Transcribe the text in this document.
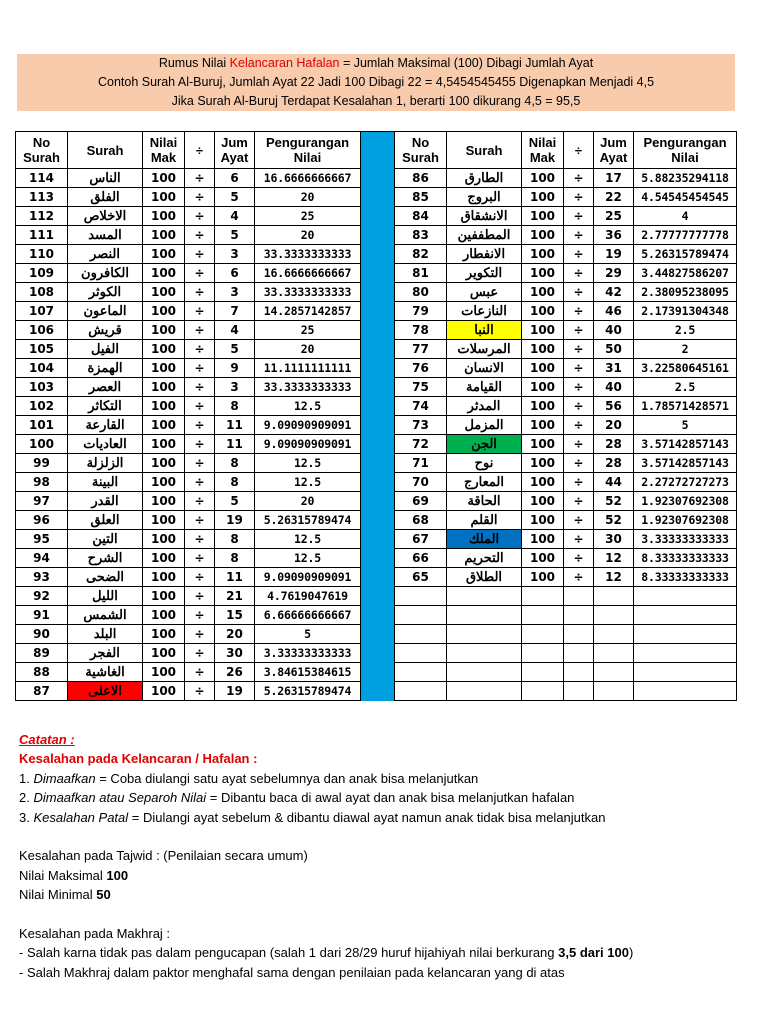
Rumus Nilai Kelancaran Hafalan = Jumlah Maksimal (100) Dibagi Jumlah Ayat
Contoh Surah Al-Buruj, Jumlah Ayat 22 Jadi 100 Dibagi 22 = 4,5454545455 Digenapkan Menjadi 4,5
Jika Surah Al-Buruj Terdapat Kesalahan 1, berarti 100 dikurang 4,5 = 95,5
No Surah	Surah	Nilai Mak	÷	Jum Ayat	Pengurangan Nilai		No Surah	Surah	Nilai Mak	÷	Jum Ayat	Pengurangan Nilai
114	الناس	100	÷	6	16.6666666667		86	الطارق	100	÷	17	5.88235294118
113	الفلق	100	÷	5	20		85	البروج	100	÷	22	4.54545454545
112	الاخلاص	100	÷	4	25		84	الانشقاق	100	÷	25	4
111	المسد	100	÷	5	20		83	المطففين	100	÷	36	2.77777777778
110	النصر	100	÷	3	33.3333333333		82	الانفطار	100	÷	19	5.26315789474
109	الكافرون	100	÷	6	16.6666666667		81	التكوير	100	÷	29	3.44827586207
108	الكوثر	100	÷	3	33.3333333333		80	عبس	100	÷	42	2.38095238095
107	الماعون	100	÷	7	14.2857142857		79	النازعات	100	÷	46	2.17391304348
106	قريش	100	÷	4	25		78	النبا	100	÷	40	2.5
105	الفيل	100	÷	5	20		77	المرسلات	100	÷	50	2
104	الهمزة	100	÷	9	11.1111111111		76	الانسان	100	÷	31	3.22580645161
103	العصر	100	÷	3	33.3333333333		75	القيامة	100	÷	40	2.5
102	التكاثر	100	÷	8	12.5		74	المدثر	100	÷	56	1.78571428571
101	القارعة	100	÷	11	9.09090909091		73	المزمل	100	÷	20	5
100	العاديات	100	÷	11	9.09090909091		72	الجن	100	÷	28	3.57142857143
99	الزلزلة	100	÷	8	12.5		71	نوح	100	÷	28	3.57142857143
98	البينة	100	÷	8	12.5		70	المعارج	100	÷	44	2.27272727273
97	القدر	100	÷	5	20		69	الحاقة	100	÷	52	1.92307692308
96	العلق	100	÷	19	5.26315789474		68	القلم	100	÷	52	1.92307692308
95	التين	100	÷	8	12.5		67	الملك	100	÷	30	3.33333333333
94	الشرح	100	÷	8	12.5		66	التحريم	100	÷	12	8.33333333333
93	الضحى	100	÷	11	9.09090909091		65	الطلاق	100	÷	12	8.33333333333
92	الليل	100	÷	21	4.7619047619							
91	الشمس	100	÷	15	6.66666666667							
90	البلد	100	÷	20	5							
89	الفجر	100	÷	30	3.33333333333							
88	الغاشية	100	÷	26	3.84615384615							
87	الاعلى	100	÷	19	5.26315789474							
Catatan :
Kesalahan pada Kelancaran / Hafalan :
1. Dimaafkan = Coba diulangi satu ayat sebelumnya dan anak bisa melanjutkan
2. Dimaafkan atau Separoh Nilai = Dibantu baca di awal ayat dan anak bisa melanjutkan hafalan
3. Kesalahan Patal = Diulangi ayat sebelum & dibantu diawal ayat namun anak tidak bisa melanjutkan
Kesalahan pada Tajwid : (Penilaian secara umum)
Nilai Maksimal 100
Nilai Minimal 50
Kesalahan pada Makhraj :
- Salah karna tidak pas dalam pengucapan (salah 1 dari 28/29 huruf hijahiyah nilai berkurang 3,5 dari 100)
- Salah Makhraj dalam paktor menghafal sama dengan penilaian pada kelancaran yang di atas
